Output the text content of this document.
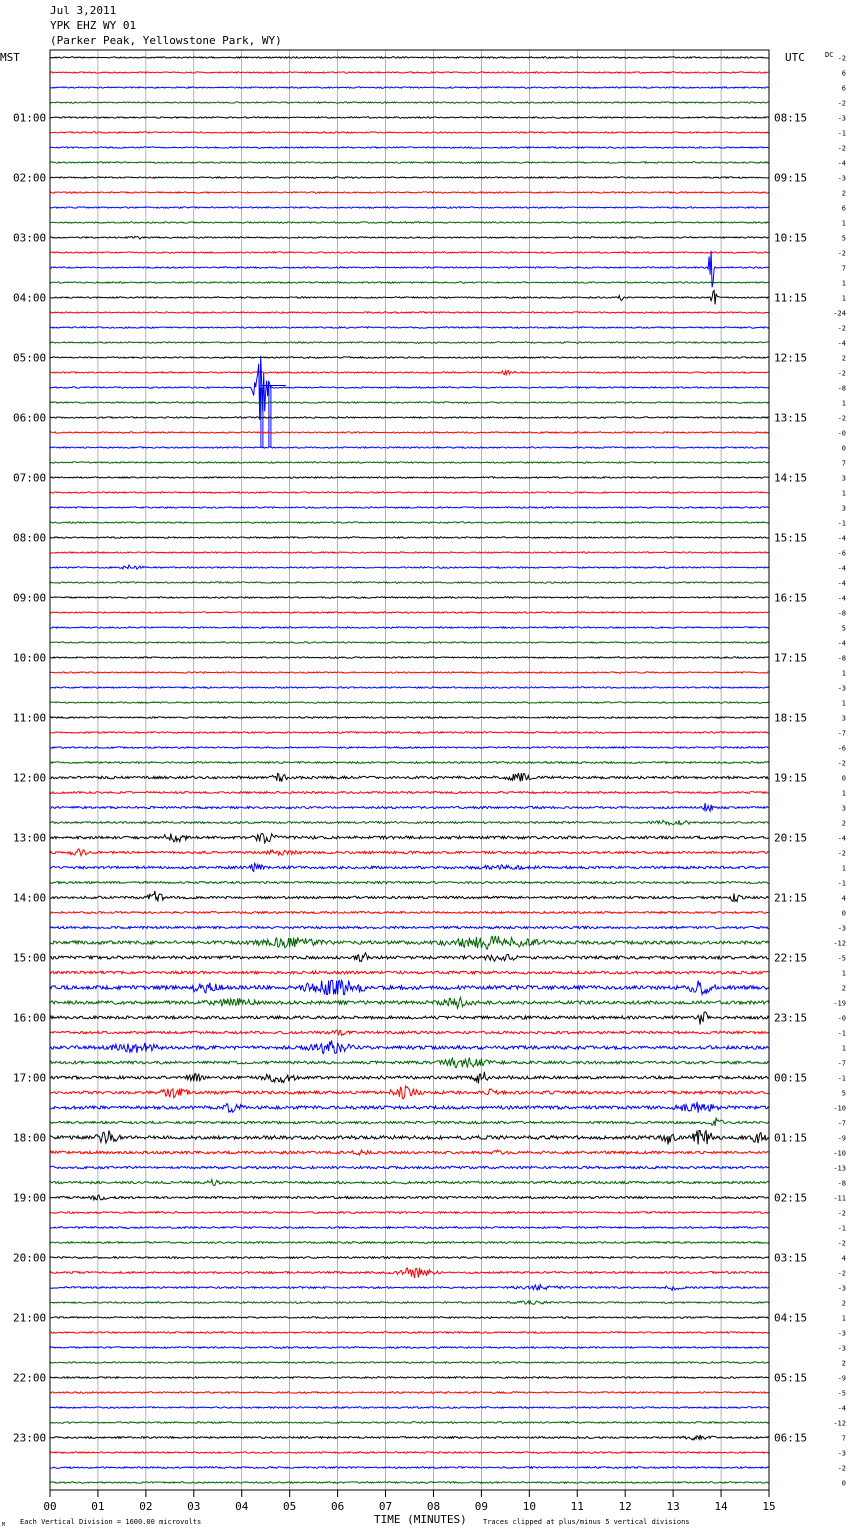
Jul 3,2011
YPK EHZ WY 01
(Parker Peak, Yellowstone Park, WY)
01:00
02:00
03:00
04:00
05:00
06:00
07:00
08:00
09:00
10:00
11:00
12:00
13:00
14:00
15:00
16:00
17:00
18:00
19:00
20:00
21:00
22:00
23:00
08:15
09:15
10:15
11:15
12:15
13:15
14:15
15:15
16:15
17:15
18:15
19:15
20:15
21:15
22:15
23:15
00:15
01:15
02:15
03:15
04:15
05:15
06:15
-2
6
6
-2
-3
-1
-2
-4
-3
2
6
1
5
-2
7
1
1
-24
-2
-4
2
-2
-8
1
-2
-0
0
7
3
1
3
-1
-4
-6
-4
-4
-4
-8
5
-4
-8
1
-3
1
3
-7
-6
-2
0
1
3
2
-4
-2
1
-1
4
0
-3
-12
-5
1
2
-19
-0
-1
1
-7
-1
5
-10
-7
-9
-10
-13
-8
-11
-2
-1
-2
4
-2
-3
2
1
-3
-3
2
-9
-5
-4
-12
7
-3
-2
0
00	01	02	03	04	05	06	07	08	09	10	11	12	13	14	15
MST	UTC	DC
TIME (MINUTES)
Each Vertical Division = 1600.00 microvolts	Traces clipped at plus/minus 5 vertical divisions
M
